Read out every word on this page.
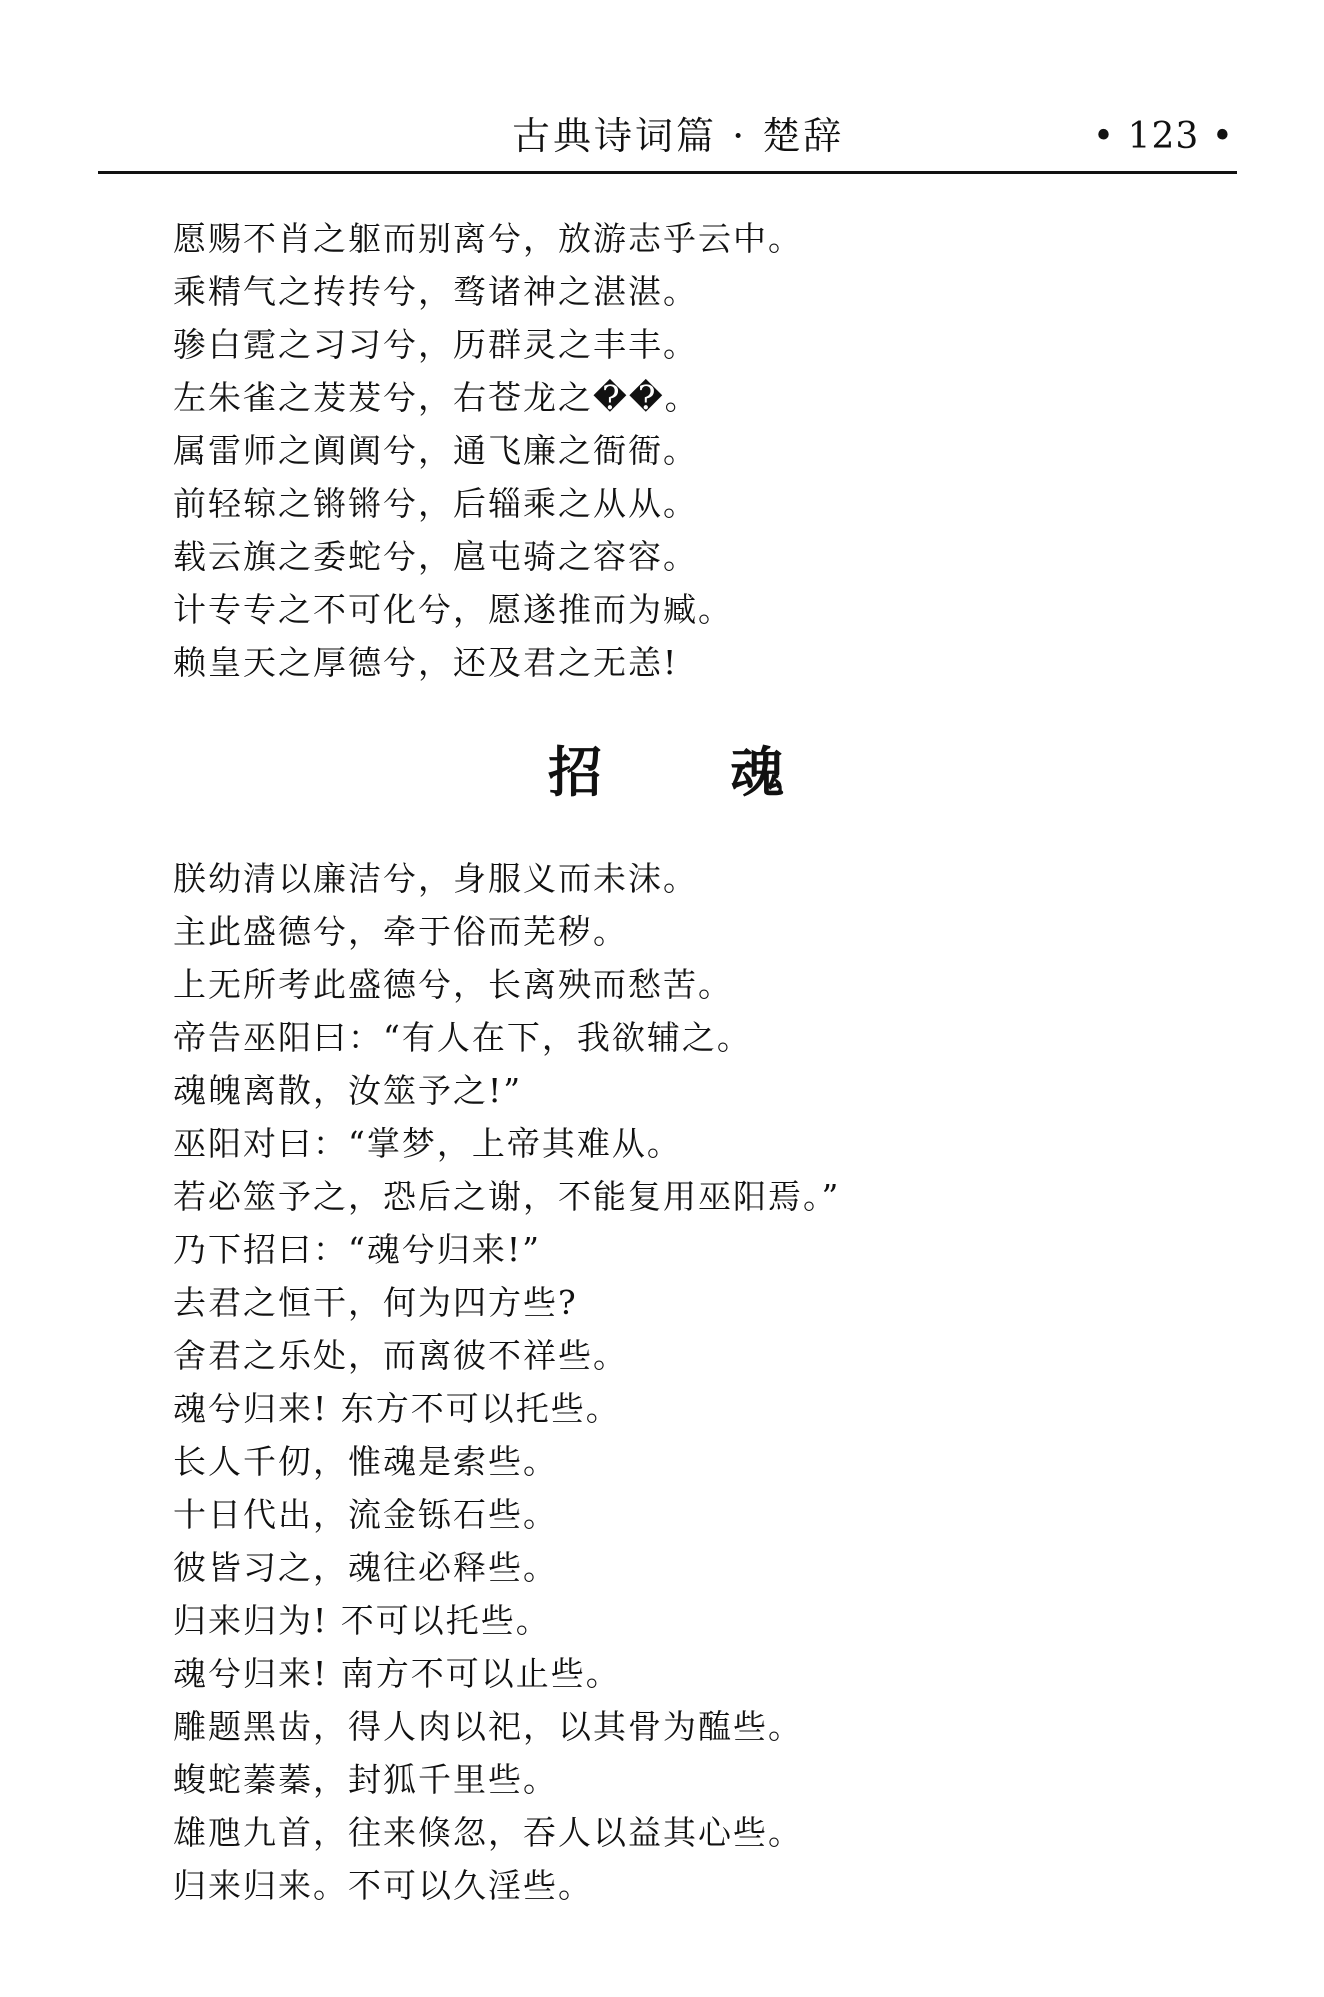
古典诗词篇 · 楚辞	• 123 •
愿赐不肖之躯而别离兮，放游志乎云中。
乘精气之抟抟兮，骛诸神之湛湛。
骖白霓之习习兮，历群灵之丰丰。
左朱雀之茇茇兮，右苍龙之��。
属雷师之阗阗兮，通飞廉之衙衙。
前轻辌之锵锵兮，后辎乘之从从。
载云旗之委蛇兮，扈屯骑之容容。
计专专之不可化兮，愿遂推而为臧。
赖皇天之厚德兮，还及君之无恙!
招魂
朕幼清以廉洁兮，身服义而未沫。
主此盛德兮，牵于俗而芜秽。
上无所考此盛德兮，长离殃而愁苦。
帝告巫阳曰：“有人在下，我欲辅之。
魂魄离散，汝筮予之!”
巫阳对曰：“掌梦，上帝其难从。
若必筮予之，恐后之谢，不能复用巫阳焉。”
乃下招曰：“魂兮归来!”
去君之恒干，何为四方些?
舍君之乐处，而离彼不祥些。
魂兮归来! 东方不可以托些。
长人千仞，惟魂是索些。
十日代出，流金铄石些。
彼皆习之，魂往必释些。
归来归为! 不可以托些。
魂兮归来! 南方不可以止些。
雕题黑齿，得人肉以祀，以其骨为醢些。
蝮蛇蓁蓁，封狐千里些。
雄虺九首，往来倏忽，吞人以益其心些。
归来归来。不可以久淫些。
